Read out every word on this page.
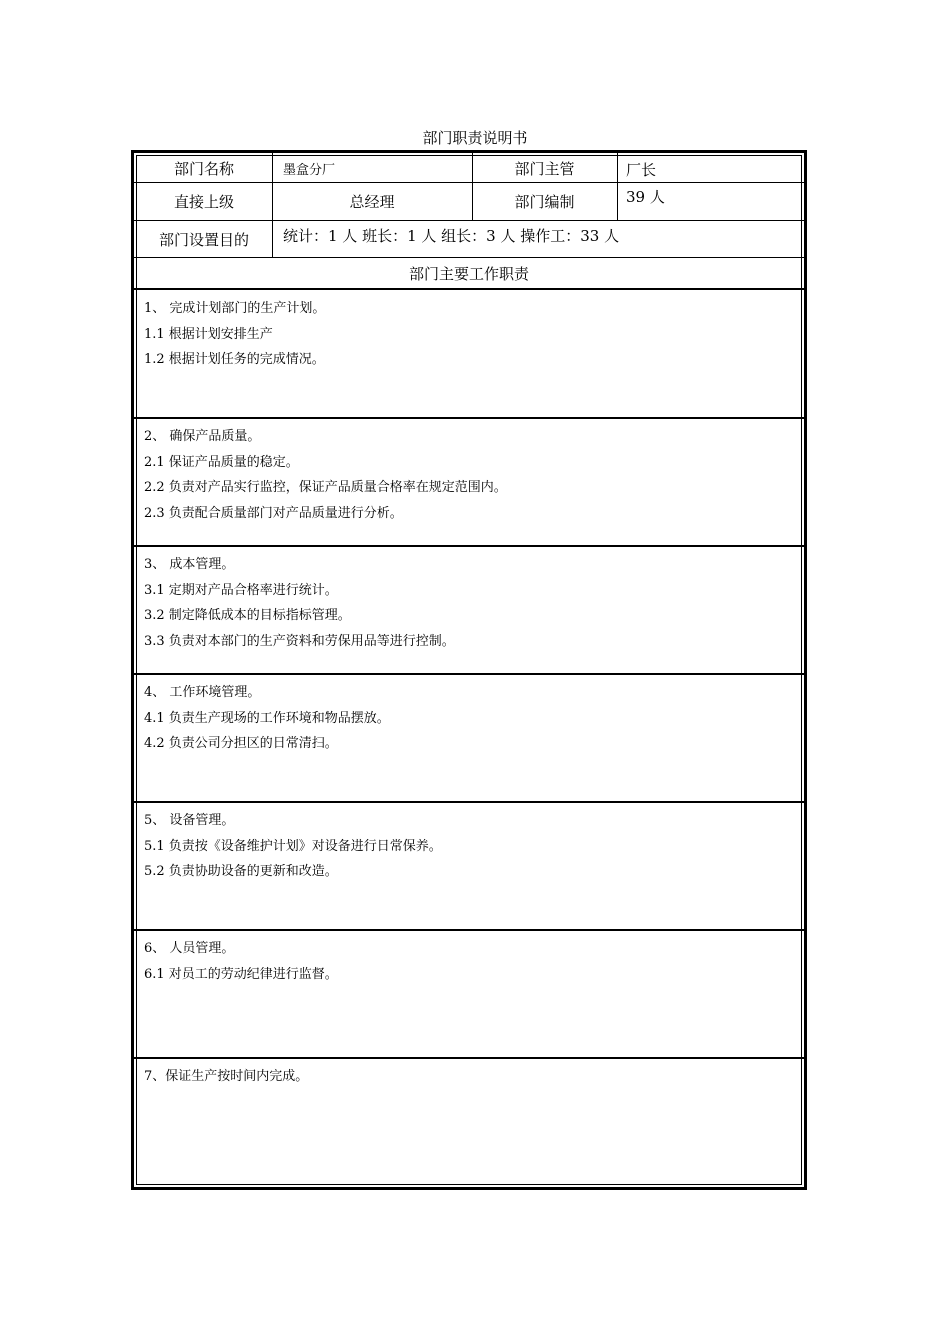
部门职责说明书
部门名称	墨盒分厂	部门主管	厂长
直接上级	总经理	部门编制	39 人
部门设置目的	统计：1 人 班长：1 人 组长：3 人 操作工：33 人
部门主要工作职责
1、 完成计划部门的生产计划。
1.1 根据计划安排生产
1.2 根据计划任务的完成情况。
2、 确保产品质量。
2.1 保证产品质量的稳定。
2.2 负责对产品实行监控，保证产品质量合格率在规定范围内。
2.3 负责配合质量部门对产品质量进行分析。
3、 成本管理。
3.1 定期对产品合格率进行统计。
3.2 制定降低成本的目标指标管理。
3.3 负责对本部门的生产资料和劳保用品等进行控制。
4、 工作环境管理。
4.1 负责生产现场的工作环境和物品摆放。
4.2 负责公司分担区的日常清扫。
5、 设备管理。
5.1 负责按《设备维护计划》对设备进行日常保养。
5.2 负责协助设备的更新和改造。
6、 人员管理。
6.1 对员工的劳动纪律进行监督。
7、保证生产按时间内完成。
